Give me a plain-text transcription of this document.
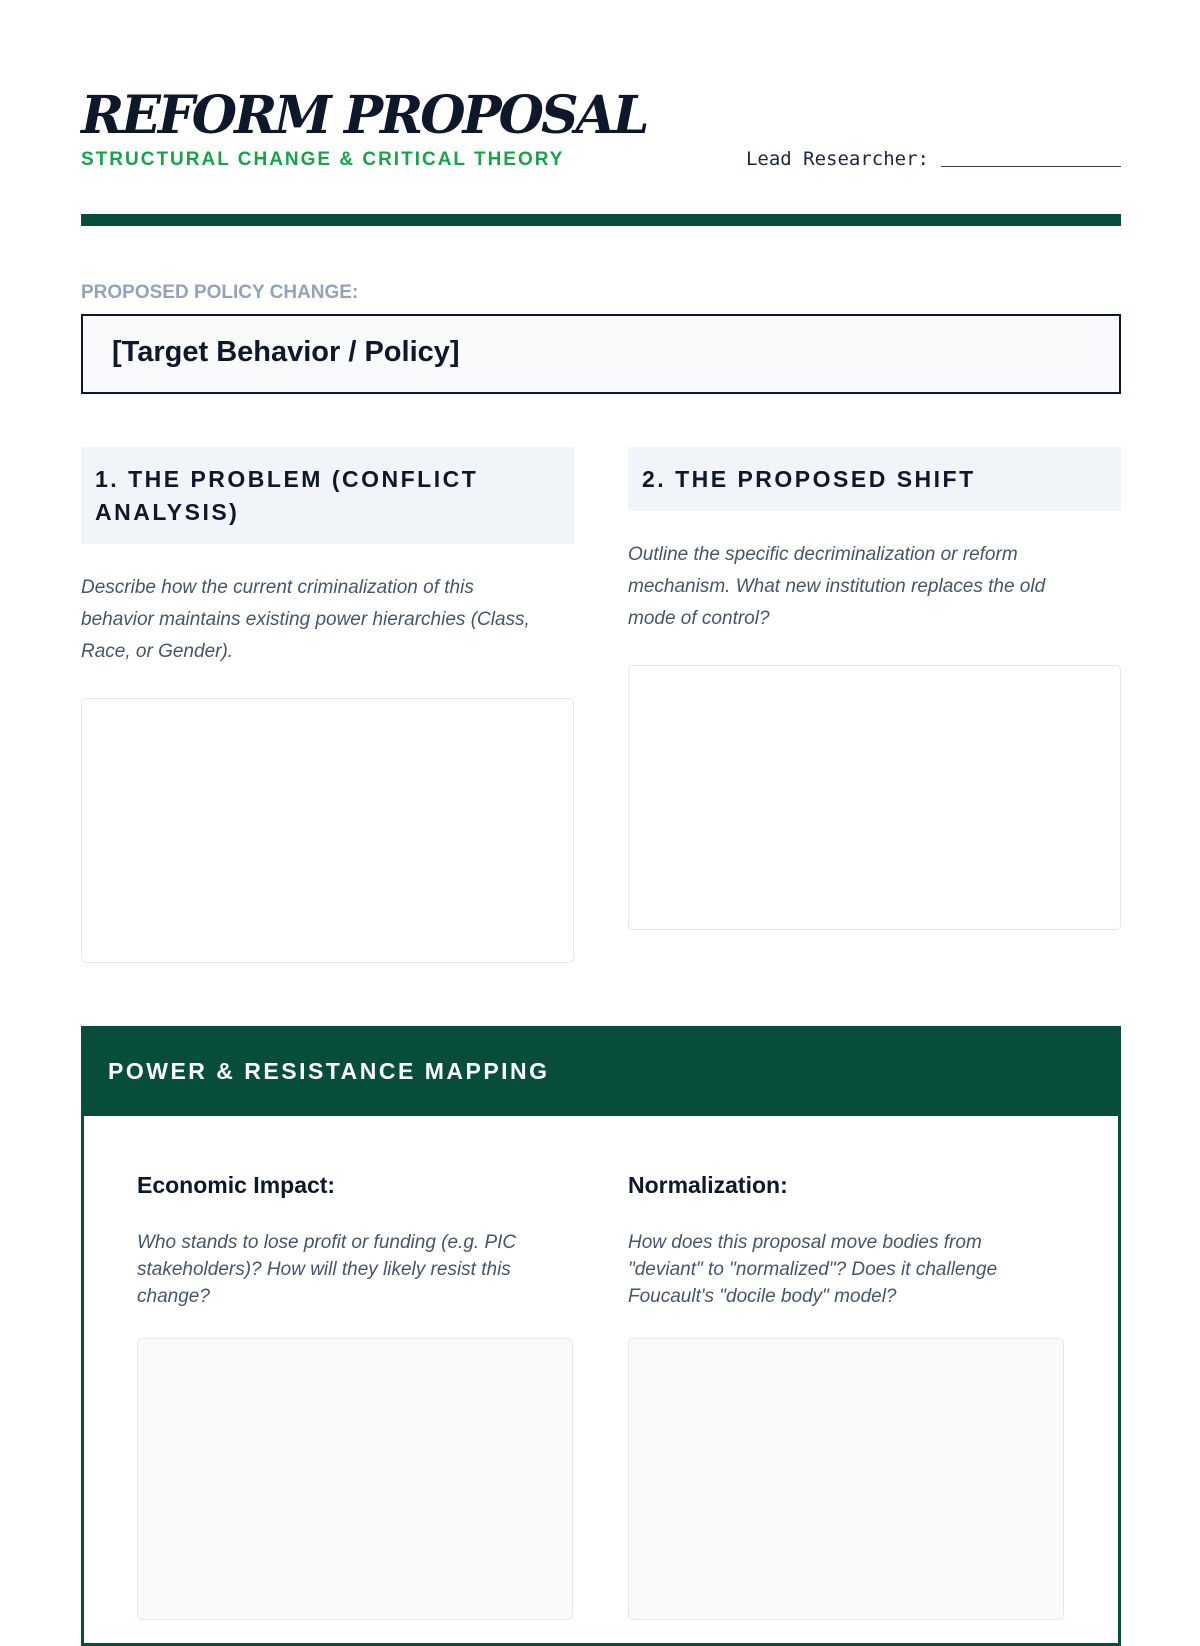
REFORM PROPOSAL
STRUCTURAL CHANGE & CRITICAL THEORY	Lead Researcher:
PROPOSED POLICY CHANGE:
[Target Behavior / Policy]
1. THE PROBLEM (CONFLICT ANALYSIS)
Describe how the current criminalization of this behavior maintains existing power hierarchies (Class, Race, or Gender).
2. THE PROPOSED SHIFT
Outline the specific decriminalization or reform mechanism. What new institution replaces the old mode of control?
POWER & RESISTANCE MAPPING
Economic Impact:
Who stands to lose profit or funding (e.g. PIC stakeholders)? How will they likely resist this change?
Normalization:
How does this proposal move bodies from "deviant" to "normalized"? Does it challenge Foucault's "docile body" model?
